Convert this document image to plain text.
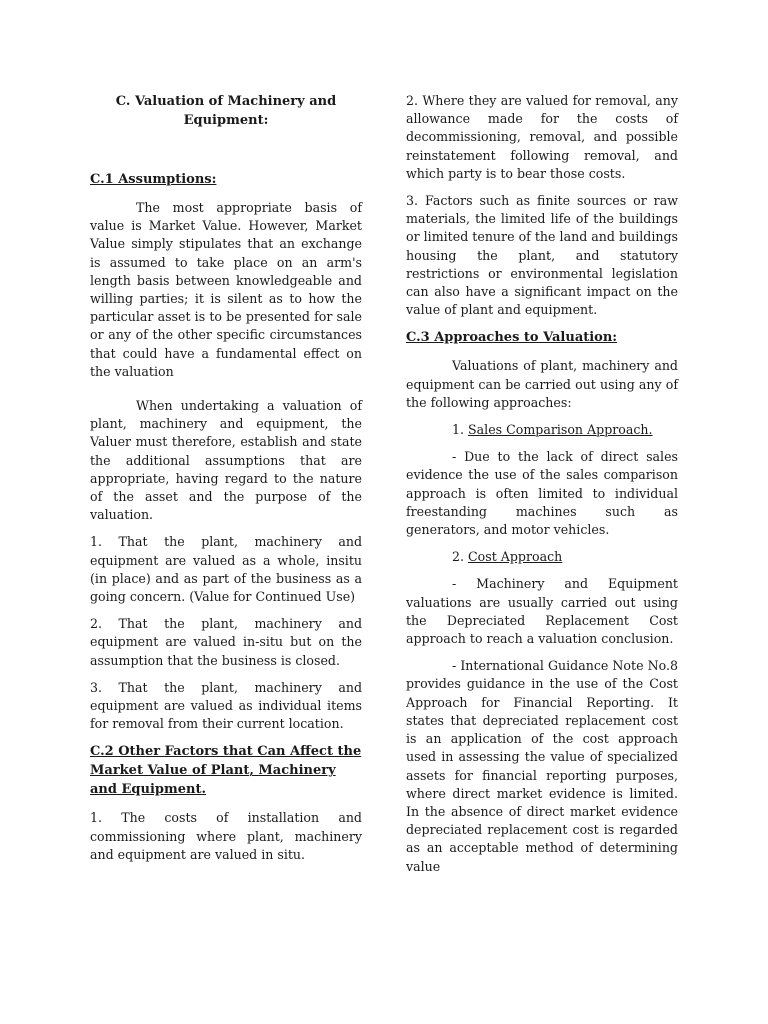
C. Valuation of Machinery and Equipment:

C.1 Assumptions:

The most appropriate basis of value is Market Value. However, Market Value simply stipulates that an exchange is assumed to take place on an arm's length basis between knowledgeable and willing parties; it is silent as to how the particular asset is to be presented for sale or any of the other specific circumstances that could have a fundamental effect on the valuation

When undertaking a valuation of plant, machinery and equipment, the Valuer must therefore, establish and state the additional assumptions that are appropriate, having regard to the nature of the asset and the purpose of the valuation.

1. That the plant, machinery and equipment are valued as a whole, insitu (in place) and as part of the business as a going concern. (Value for Continued Use)

2. That the plant, machinery and equipment are valued in-situ but on the assumption that the business is closed.

3. That the plant, machinery and equipment are valued as individual items for removal from their current location.

C.2 Other Factors that Can Affect the Market Value of Plant, Machinery and Equipment.

1. The costs of installation and commissioning where plant, machinery and equipment are valued in situ.

2. Where they are valued for removal, any allowance made for the costs of decommissioning, removal, and possible reinstatement following removal, and which party is to bear those costs.

3. Factors such as finite sources or raw materials, the limited life of the buildings or limited tenure of the land and buildings housing the plant, and statutory restrictions or environmental legislation can also have a significant impact on the value of plant and equipment.

C.3 Approaches to Valuation:

Valuations of plant, machinery and equipment can be carried out using any of the following approaches:

1. Sales Comparison Approach.

- Due to the lack of direct sales evidence the use of the sales comparison approach is often limited to individual freestanding machines such as generators, and motor vehicles.

2. Cost Approach

- Machinery and Equipment valuations are usually carried out using the Depreciated Replacement Cost approach to reach a valuation conclusion.

- International Guidance Note No.8 provides guidance in the use of the Cost Approach for Financial Reporting. It states that depreciated replacement cost is an application of the cost approach used in assessing the value of specialized assets for financial reporting purposes, where direct market evidence is limited. In the absence of direct market evidence depreciated replacement cost is regarded as an acceptable method of determining value
